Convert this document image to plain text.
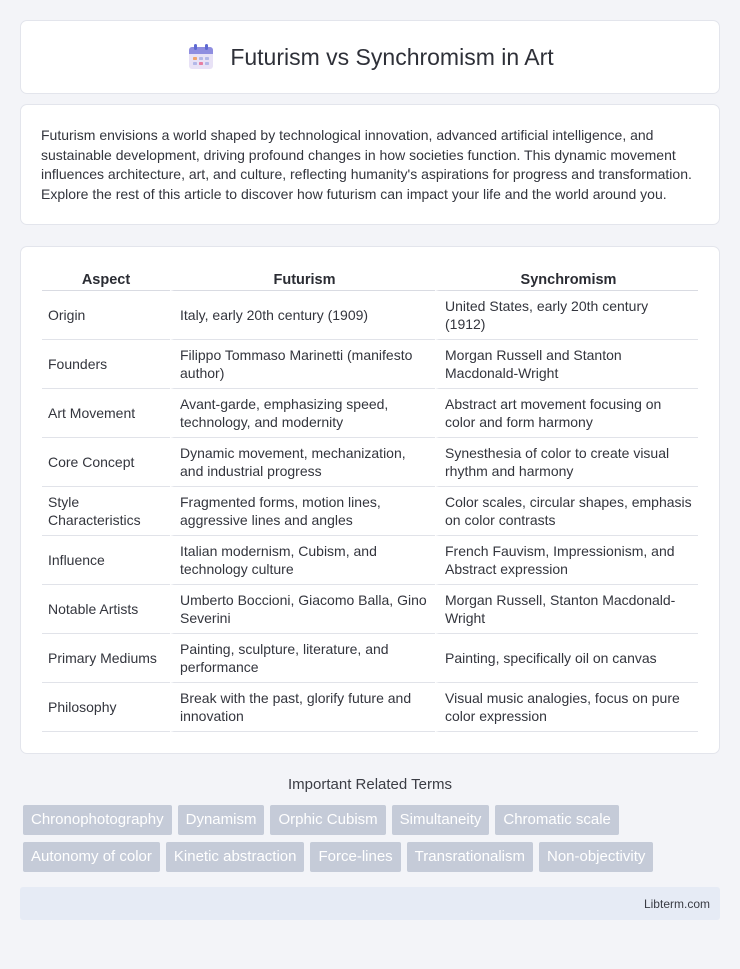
Futurism vs Synchromism in Art

Futurism envisions a world shaped by technological innovation, advanced artificial intelligence, and sustainable development, driving profound changes in how societies function. This dynamic movement influences architecture, art, and culture, reflecting humanity's aspirations for progress and transformation. Explore the rest of this article to discover how futurism can impact your life and the world around you.

Aspect	Futurism	Synchromism
Origin	Italy, early 20th century (1909)	United States, early 20th century (1912)
Founders	Filippo Tommaso Marinetti (manifesto author)	Morgan Russell and Stanton Macdonald-Wright
Art Movement	Avant-garde, emphasizing speed, technology, and modernity	Abstract art movement focusing on color and form harmony
Core Concept	Dynamic movement, mechanization, and industrial progress	Synesthesia of color to create visual rhythm and harmony
Style Characteristics	Fragmented forms, motion lines, aggressive lines and angles	Color scales, circular shapes, emphasis on color contrasts
Influence	Italian modernism, Cubism, and technology culture	French Fauvism, Impressionism, and Abstract expression
Notable Artists	Umberto Boccioni, Giacomo Balla, Gino Severini	Morgan Russell, Stanton Macdonald-Wright
Primary Mediums	Painting, sculpture, literature, and performance	Painting, specifically oil on canvas
Philosophy	Break with the past, glorify future and innovation	Visual music analogies, focus on pure color expression
Important Related Terms
Chronophotography	Dynamism	Orphic Cubism	Simultaneity	Chromatic scale
Autonomy of color	Kinetic abstraction	Force-lines	Transrationalism	Non-objectivity
Libterm.com
